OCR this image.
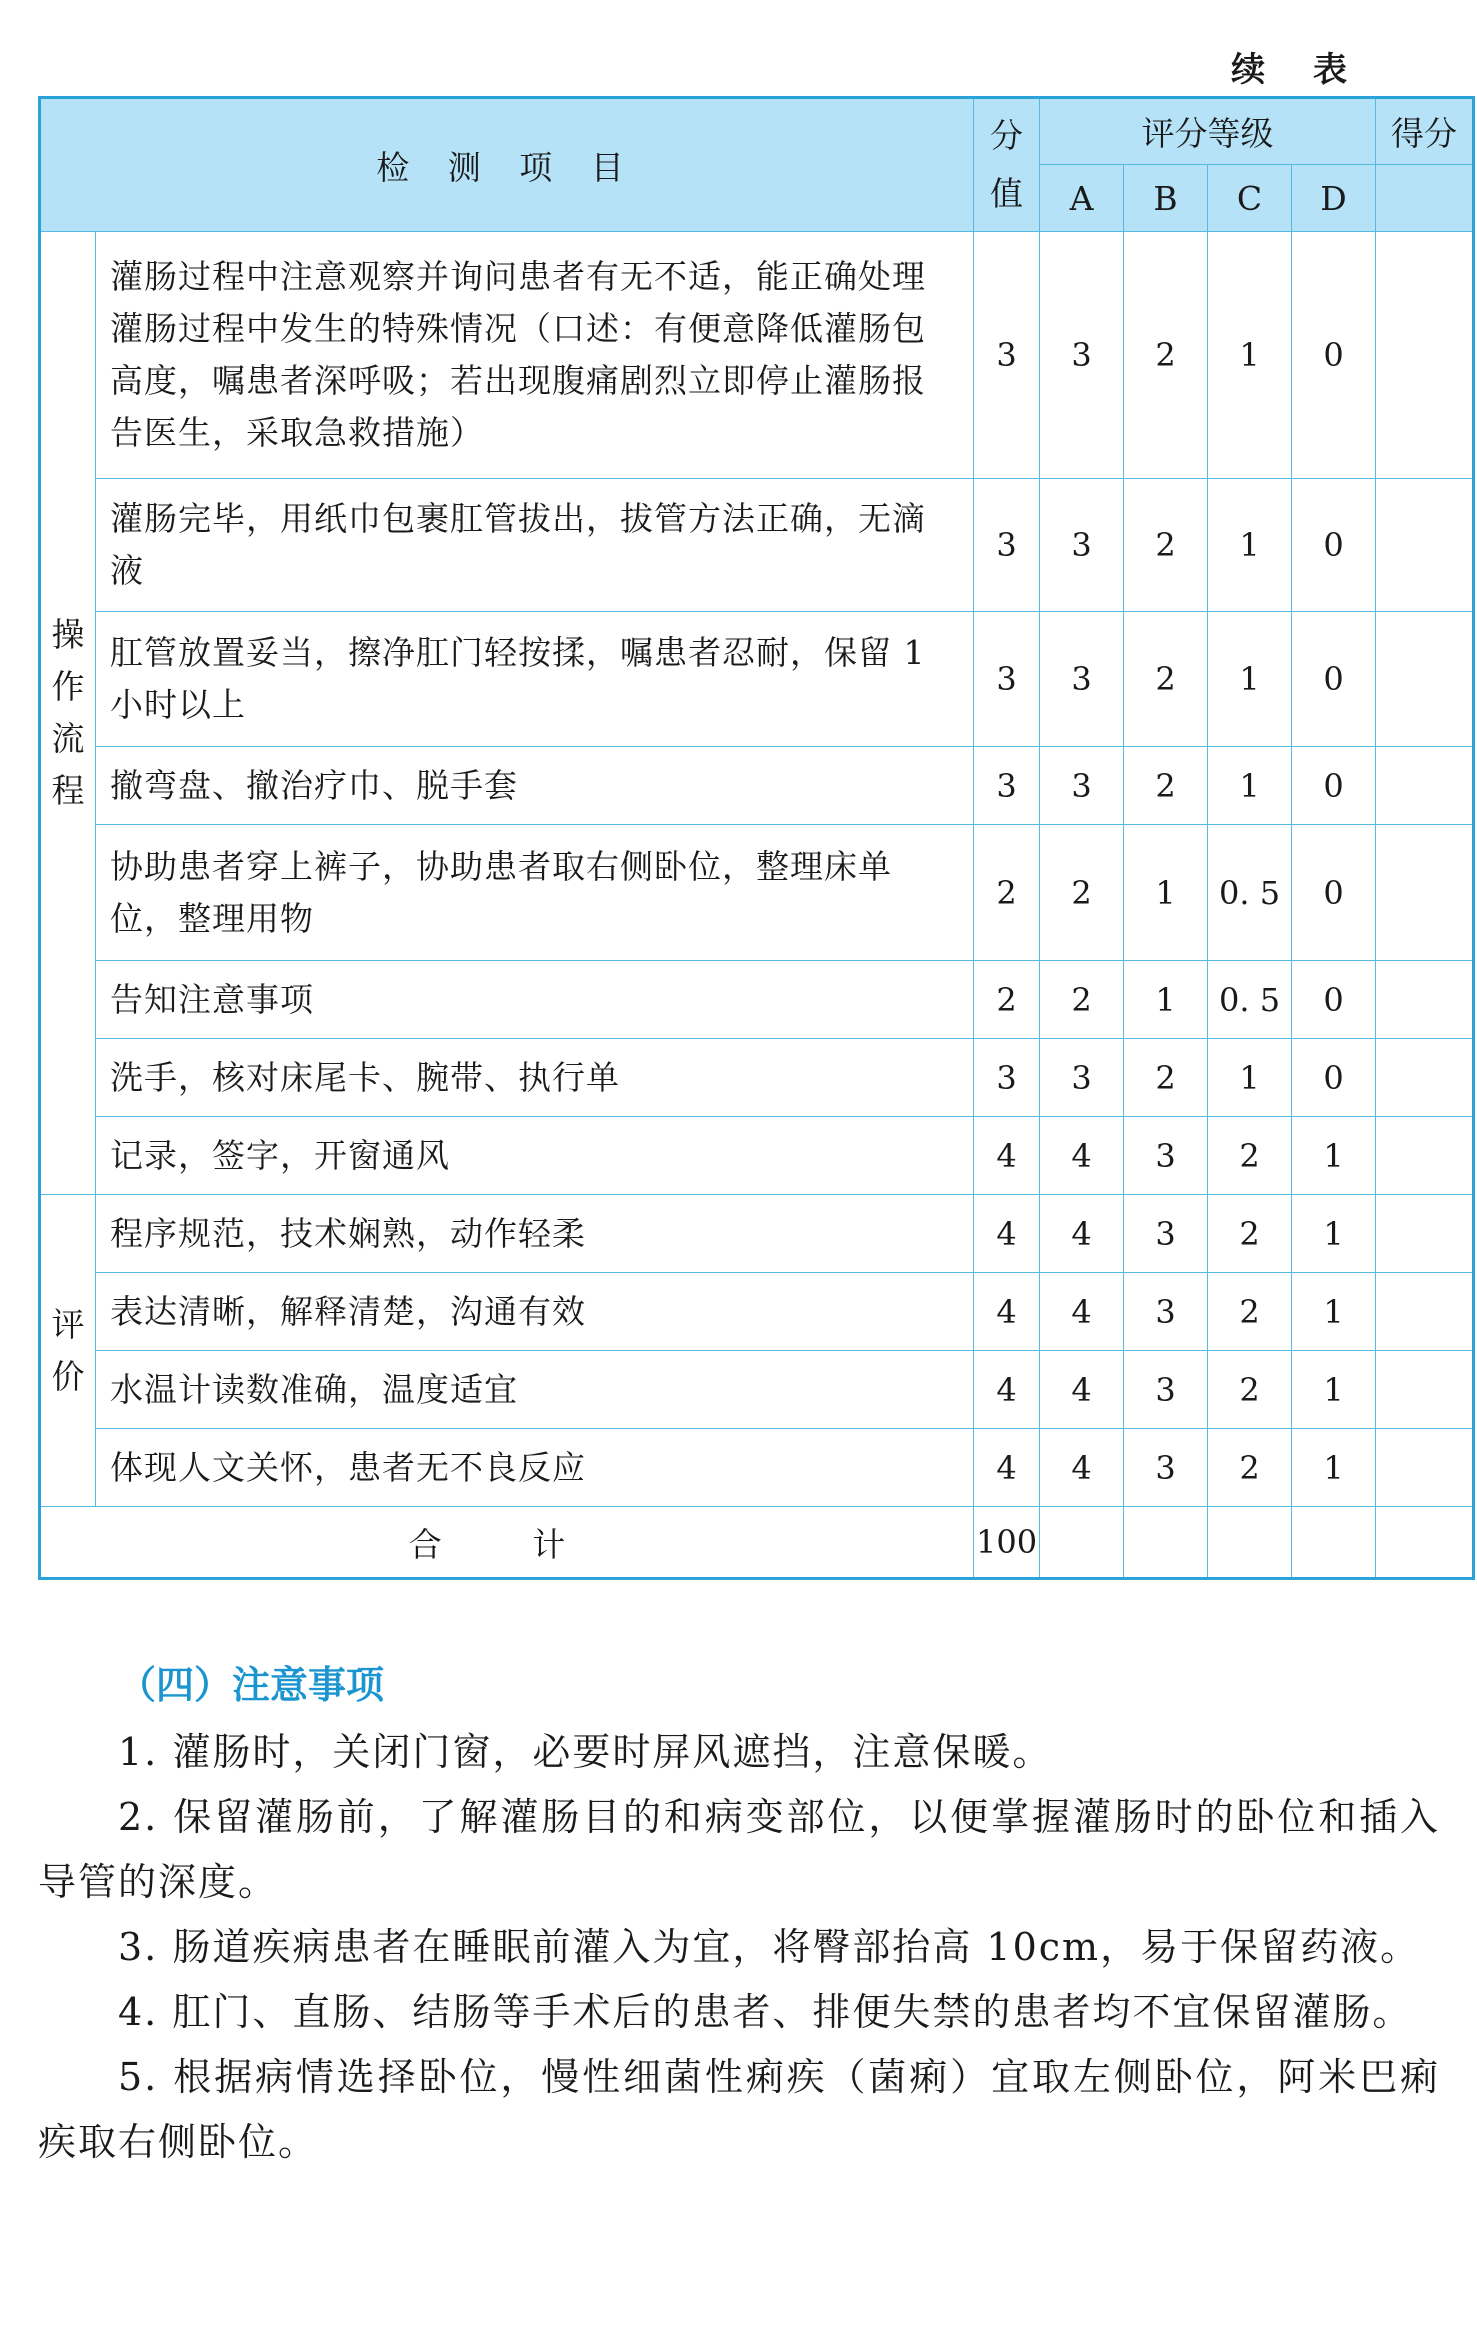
续 表
检 测 项 目		分
值	评分等级				得分
			A	B	C	D	
操
作
流
程	灌肠过程中注意观察并询问患者有无不适，能正确处理灌肠过程中发生的特殊情况（口述：有便意降低灌肠包高度，嘱患者深呼吸；若出现腹痛剧烈立即停止灌肠报告医生，采取急救措施）	3	3	2	1	0	
	灌肠完毕，用纸巾包裹肛管拔出，拔管方法正确，无滴液	3	3	2	1	0	
	肛管放置妥当，擦净肛门轻按揉，嘱患者忍耐，保留 1 小时以上	3	3	2	1	0	
	撤弯盘、撤治疗巾、脱手套	3	3	2	1	0	
	协助患者穿上裤子，协助患者取右侧卧位，整理床单位，整理用物	2	2	1	0. 5	0	
	告知注意事项	2	2	1	0. 5	0	
	洗手，核对床尾卡、腕带、执行单	3	3	2	1	0	
	记录，签字，开窗通风	4	4	3	2	1	
评
价	程序规范，技术娴熟，动作轻柔	4	4	3	2	1	
	表达清晰，解释清楚，沟通有效	4	4	3	2	1	
	水温计读数准确，温度适宜	4	4	3	2	1	
	体现人文关怀，患者无不良反应	4	4	3	2	1	
合 计		100					
（四）注意事项

1. 灌肠时，关闭门窗，必要时屏风遮挡，注意保暖。

2. 保留灌肠前，了解灌肠目的和病变部位，以便掌握灌肠时的卧位和插入导管的深度。

3. 肠道疾病患者在睡眠前灌入为宜，将臀部抬高 10cm，易于保留药液。

4. 肛门、直肠、结肠等手术后的患者、排便失禁的患者均不宜保留灌肠。

5. 根据病情选择卧位，慢性细菌性痢疾（菌痢）宜取左侧卧位，阿米巴痢疾取右侧卧位。
